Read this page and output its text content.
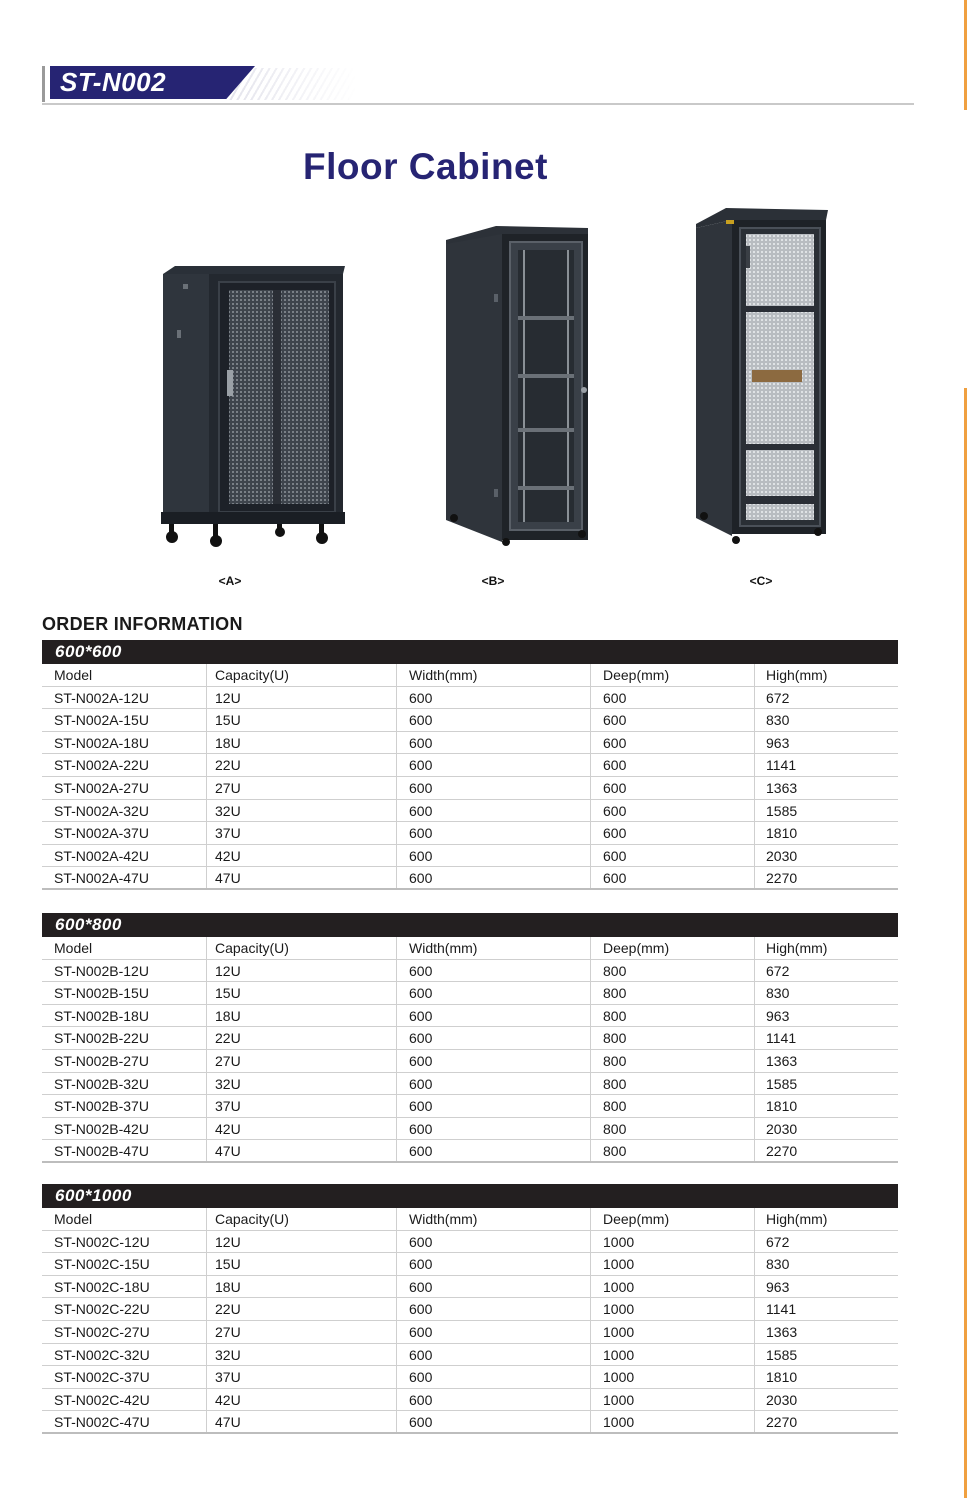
ST-N002
Floor Cabinet
<A>	<B>	<C>
ORDER INFORMATION
600*600
Model	Capacity(U)	Width(mm)	Deep(mm)	High(mm)
ST-N002A-12U	12U	600	600	672
ST-N002A-15U	15U	600	600	830
ST-N002A-18U	18U	600	600	963
ST-N002A-22U	22U	600	600	1141
ST-N002A-27U	27U	600	600	1363
ST-N002A-32U	32U	600	600	1585
ST-N002A-37U	37U	600	600	1810
ST-N002A-42U	42U	600	600	2030
ST-N002A-47U	47U	600	600	2270
600*800
Model	Capacity(U)	Width(mm)	Deep(mm)	High(mm)
ST-N002B-12U	12U	600	800	672
ST-N002B-15U	15U	600	800	830
ST-N002B-18U	18U	600	800	963
ST-N002B-22U	22U	600	800	1141
ST-N002B-27U	27U	600	800	1363
ST-N002B-32U	32U	600	800	1585
ST-N002B-37U	37U	600	800	1810
ST-N002B-42U	42U	600	800	2030
ST-N002B-47U	47U	600	800	2270
600*1000
Model	Capacity(U)	Width(mm)	Deep(mm)	High(mm)
ST-N002C-12U	12U	600	1000	672
ST-N002C-15U	15U	600	1000	830
ST-N002C-18U	18U	600	1000	963
ST-N002C-22U	22U	600	1000	1141
ST-N002C-27U	27U	600	1000	1363
ST-N002C-32U	32U	600	1000	1585
ST-N002C-37U	37U	600	1000	1810
ST-N002C-42U	42U	600	1000	2030
ST-N002C-47U	47U	600	1000	2270
